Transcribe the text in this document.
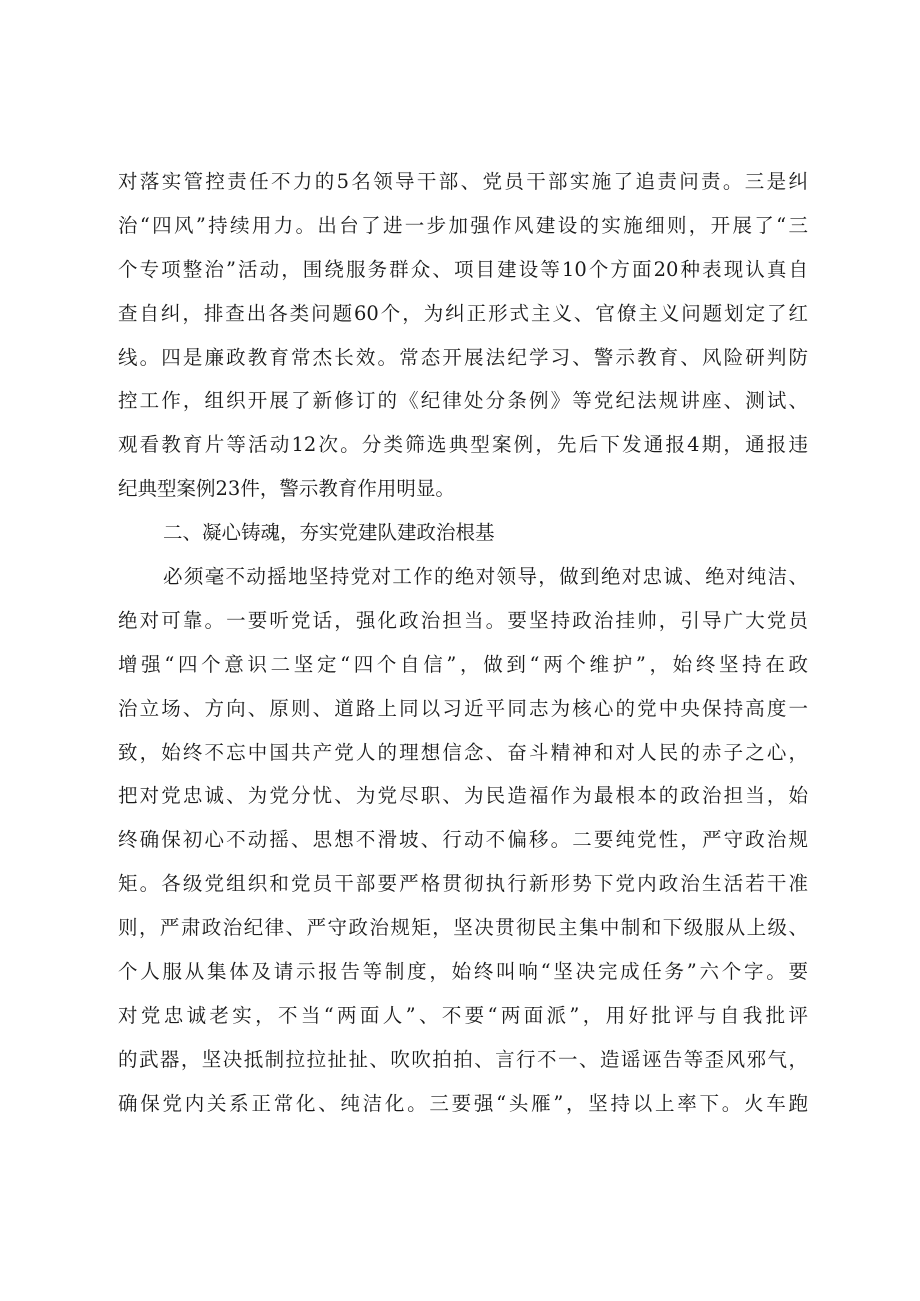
对落实管控责任不力的5名领导干部、党员干部实施了追责问责。三是纠
治“四风”持续用力。出台了进一步加强作风建设的实施细则，开展了“三
个专项整治”活动，围绕服务群众、项目建设等10个方面20种表现认真自
查自纠，排查出各类问题60个，为纠正形式主义、官僚主义问题划定了红
线。四是廉政教育常杰长效。常态开展法纪学习、警示教育、风险研判防
控工作，组织开展了新修订的《纪律处分条例》等党纪法规讲座、测试、
观看教育片等活动12次。分类筛选典型案例，先后下发通报4期，通报违
纪典型案例23件，警示教育作用明显。
二、凝心铸魂，夯实党建队建政治根基
必须毫不动摇地坚持党对工作的绝对领导，做到绝对忠诚、绝对纯洁、
绝对可靠。一要听党话，强化政治担当。要坚持政治挂帅，引导广大党员
增强“四个意识二坚定“四个自信”，做到“两个维护”，始终坚持在政
治立场、方向、原则、道路上同以习近平同志为核心的党中央保持高度一
致，始终不忘中国共产党人的理想信念、奋斗精神和对人民的赤子之心，
把对党忠诚、为党分忧、为党尽职、为民造福作为最根本的政治担当，始
终确保初心不动摇、思想不滑坡、行动不偏移。二要纯党性，严守政治规
矩。各级党组织和党员干部要严格贯彻执行新形势下党内政治生活若干准
则，严肃政治纪律、严守政治规矩，坚决贯彻民主集中制和下级服从上级、
个人服从集体及请示报告等制度，始终叫响“坚决完成任务”六个字。要
对党忠诚老实，不当“两面人”、不要“两面派”，用好批评与自我批评
的武器，坚决抵制拉拉扯扯、吹吹拍拍、言行不一、造谣诬告等歪风邪气，
确保党内关系正常化、纯洁化。三要强“头雁”，坚持以上率下。火车跑
